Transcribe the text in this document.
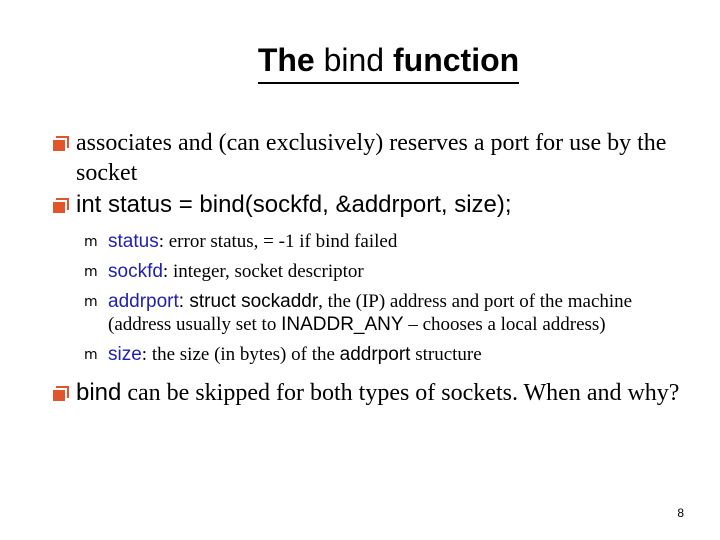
The bind function
associates and (can exclusively) reserves a port for use by the socket
int status = bind(sockfd, &addrport, size);
m status: error status, = -1 if bind failed
m sockfd: integer, socket descriptor
m addrport: struct sockaddr, the (IP) address and port of the machine (address usually set to INADDR_ANY – chooses a local address)
m size: the size (in bytes) of the addrport structure
bind can be skipped for both types of sockets. When and why?
8
